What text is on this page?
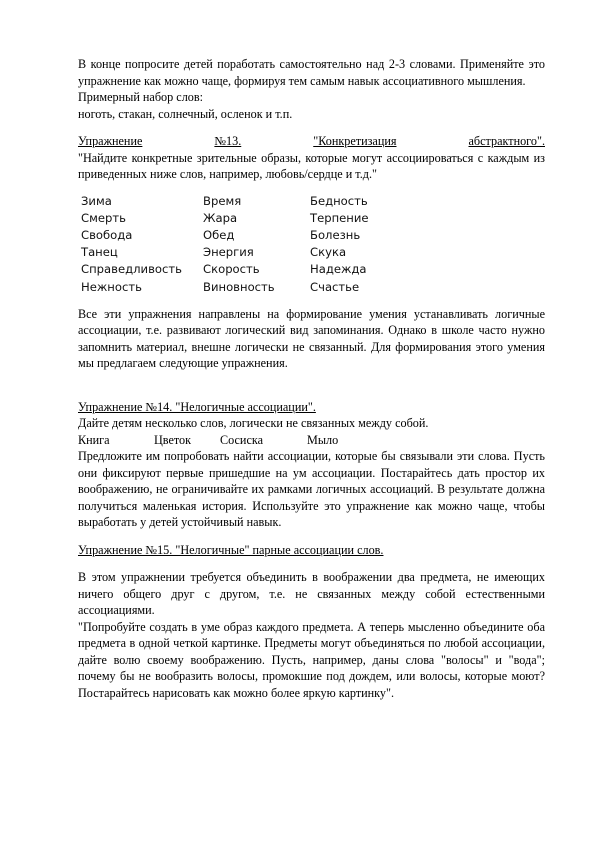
В конце попросите детей поработать самостоятельно над 2-3 словами. Применяйте это упражнение как можно чаще, формируя тем самым навык ассоциативного мышления.

Примерный набор слов:
ноготь, стакан, солнечный, осленок и т.п.
Упражнение	№13.	"Конкретизация	абстрактного".

"Найдите конкретные зрительные образы, которые могут ассоциироваться с каждым из приведенных ниже слов, например, любовь/сердце и т.д."

Зима	Время	Бедность
Смерть	Жара	Терпение
Свобода	Обед	Болезнь
Танец	Энергия	Скука
Справедливость	Скорость	Надежда
Нежность	Виновность	Счастье

Все эти упражнения направлены на формирование умения устанавливать логичные ассоциации, т.е. развивают логический вид запоминания. Однако в школе часто нужно запомнить материал, внешне логически не связанный. Для формирования этого умения мы предлагаем следующие упражнения.

Упражнение №14. "Нелогичные ассоциации".
Дайте детям несколько слов, логически не связанных между собой.
Книга	Цветок	Сосиска	Мыло

Предложите им попробовать найти ассоциации, которые бы связывали эти слова. Пусть они фиксируют первые пришедшие на ум ассоциации. Постарайтесь дать простор их воображению, не ограничивайте их рамками логичных ассоциаций. В результате должна получиться маленькая история. Используйте это упражнение как можно чаще, чтобы выработать у детей устойчивый навык.

Упражнение №15. "Нелогичные" парные ассоциации слов.

В этом упражнении требуется объединить в воображении два предмета, не имеющих ничего общего друг с другом, т.е. не связанных между собой естественными ассоциациями.

"Попробуйте создать в уме образ каждого предмета. А теперь мысленно объедините оба предмета в одной четкой картинке. Предметы могут объединяться по любой ассоциации, дайте волю своему воображению. Пусть, например, даны слова "волосы" и "вода"; почему бы не вообразить волосы, промокшие под дождем, или волосы, которые моют? Постарайтесь нарисовать как можно более яркую картинку".
